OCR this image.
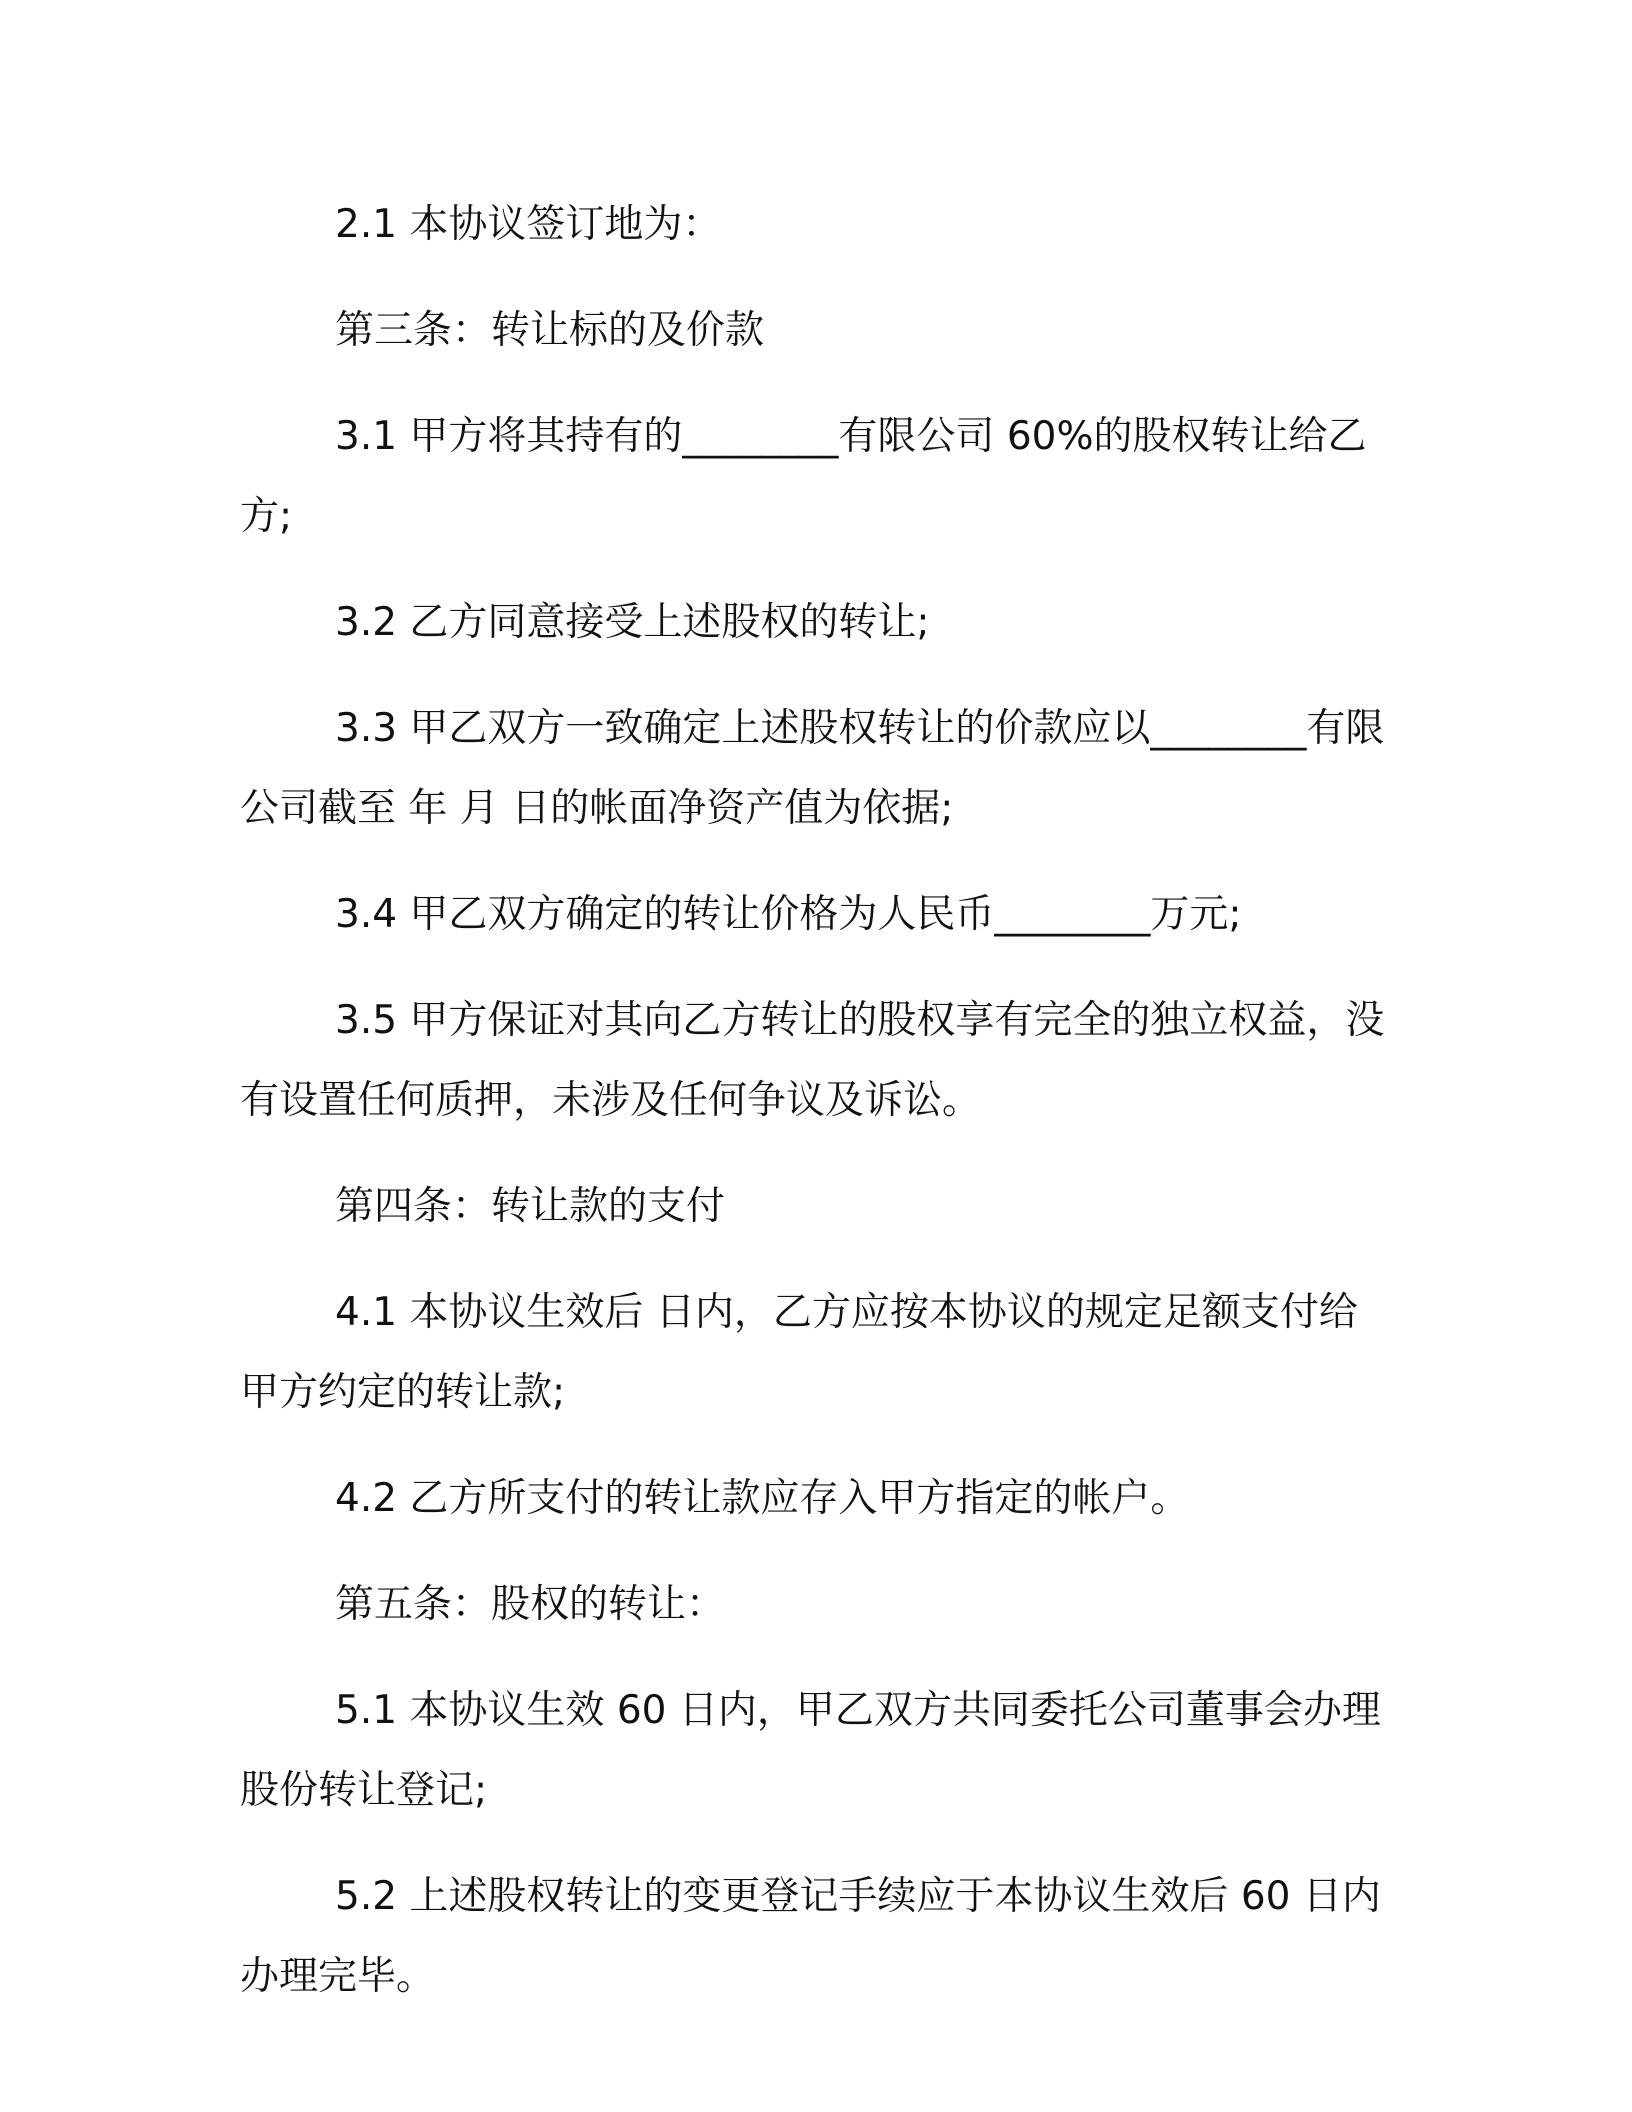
2.1 本协议签订地为：

第三条：转让标的及价款

3.1 甲方将其持有的________有限公司 60%的股权转让给乙方;

3.2 乙方同意接受上述股权的转让;

3.3 甲乙双方一致确定上述股权转让的价款应以________有限公司截至 年 月 日的帐面净资产值为依据;

3.4 甲乙双方确定的转让价格为人民币________万元;

3.5 甲方保证对其向乙方转让的股权享有完全的独立权益，没有设置任何质押，未涉及任何争议及诉讼。

第四条：转让款的支付

4.1 本协议生效后 日内，乙方应按本协议的规定足额支付给甲方约定的转让款;

4.2 乙方所支付的转让款应存入甲方指定的帐户。

第五条：股权的转让：

5.1 本协议生效 60 日内，甲乙双方共同委托公司董事会办理股份转让登记;

5.2 上述股权转让的变更登记手续应于本协议生效后 60 日内办理完毕。
